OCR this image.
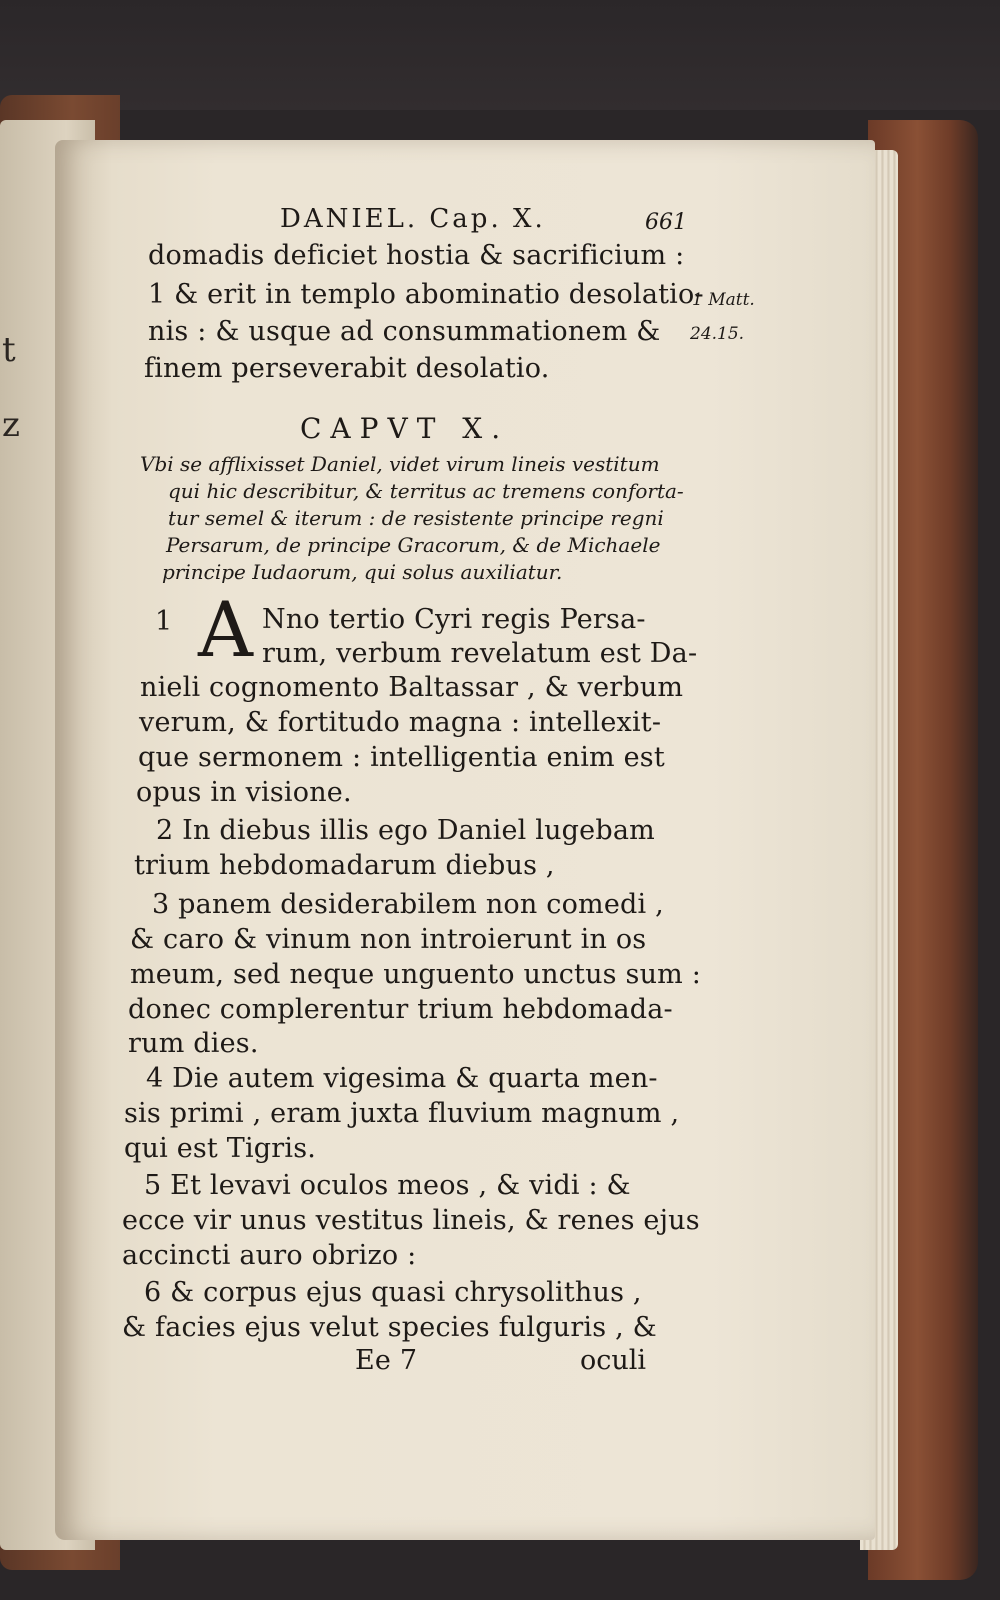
t
z
DANIEL. Cap. X.	661
domadis deficiet hostia & sacrificium :
1 & erit in templo abominatio desolatio-
nis : & usque ad consummationem &
finem perseverabit desolatio.
1 Matt.
24.15.
CAPVT X.
Vbi se afflixisset Daniel, videt virum lineis vestitum
qui hic describitur, & territus ac tremens conforta-
tur semel & iterum : de resistente principe regni
Persarum, de principe Gracorum, & de Michaele
principe Iudaorum, qui solus auxiliatur.
1 A Nno tertio Cyri regis Persa-
rum, verbum revelatum est Da-
nieli cognomento Baltassar , & verbum
verum, & fortitudo magna : intellexit-
que sermonem : intelligentia enim est
opus in visione.
2 In diebus illis ego Daniel lugebam
trium hebdomadarum diebus ,
3 panem desiderabilem non comedi ,
& caro & vinum non introierunt in os
meum, sed neque unguento unctus sum :
donec complerentur trium hebdomada-
rum dies.
4 Die autem vigesima & quarta men-
sis primi , eram juxta fluvium magnum ,
qui est Tigris.
5 Et levavi oculos meos , & vidi : &
ecce vir unus vestitus lineis, & renes ejus
accincti auro obrizo :
6 & corpus ejus quasi chrysolithus ,
& facies ejus velut species fulguris , &
Ee 7	oculi
